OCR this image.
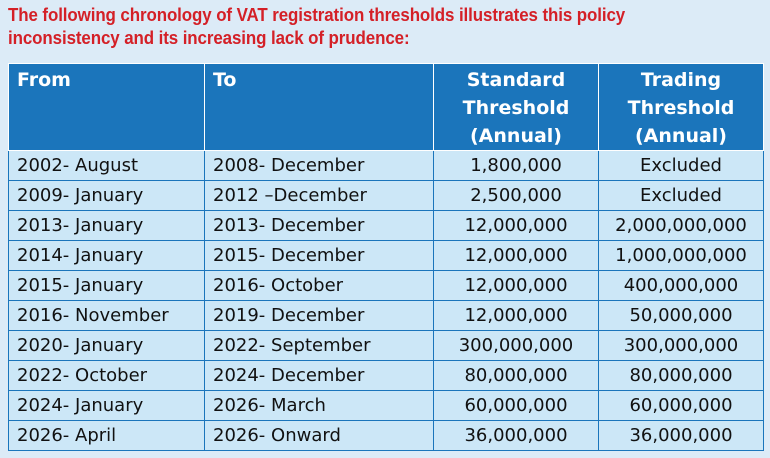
The following chronology of VAT registration thresholds illustrates this policy
inconsistency and its increasing lack of prudence:
From	To	Standard
Threshold
(Annual)	Trading
Threshold
(Annual)

2002- August	2008- December	1,800,000	Excluded
2009- January	2012 –December	2,500,000	Excluded
2013- January	2013- December	12,000,000	2,000,000,000
2014- January	2015- December	12,000,000	1,000,000,000
2015- January	2016- October	12,000,000	400,000,000
2016- November	2019- December	12,000,000	50,000,000
2020- January	2022- September	300,000,000	300,000,000
2022- October	2024- December	80,000,000	80,000,000
2024- January	2026- March	60,000,000	60,000,000
2026- April	2026- Onward	36,000,000	36,000,000
